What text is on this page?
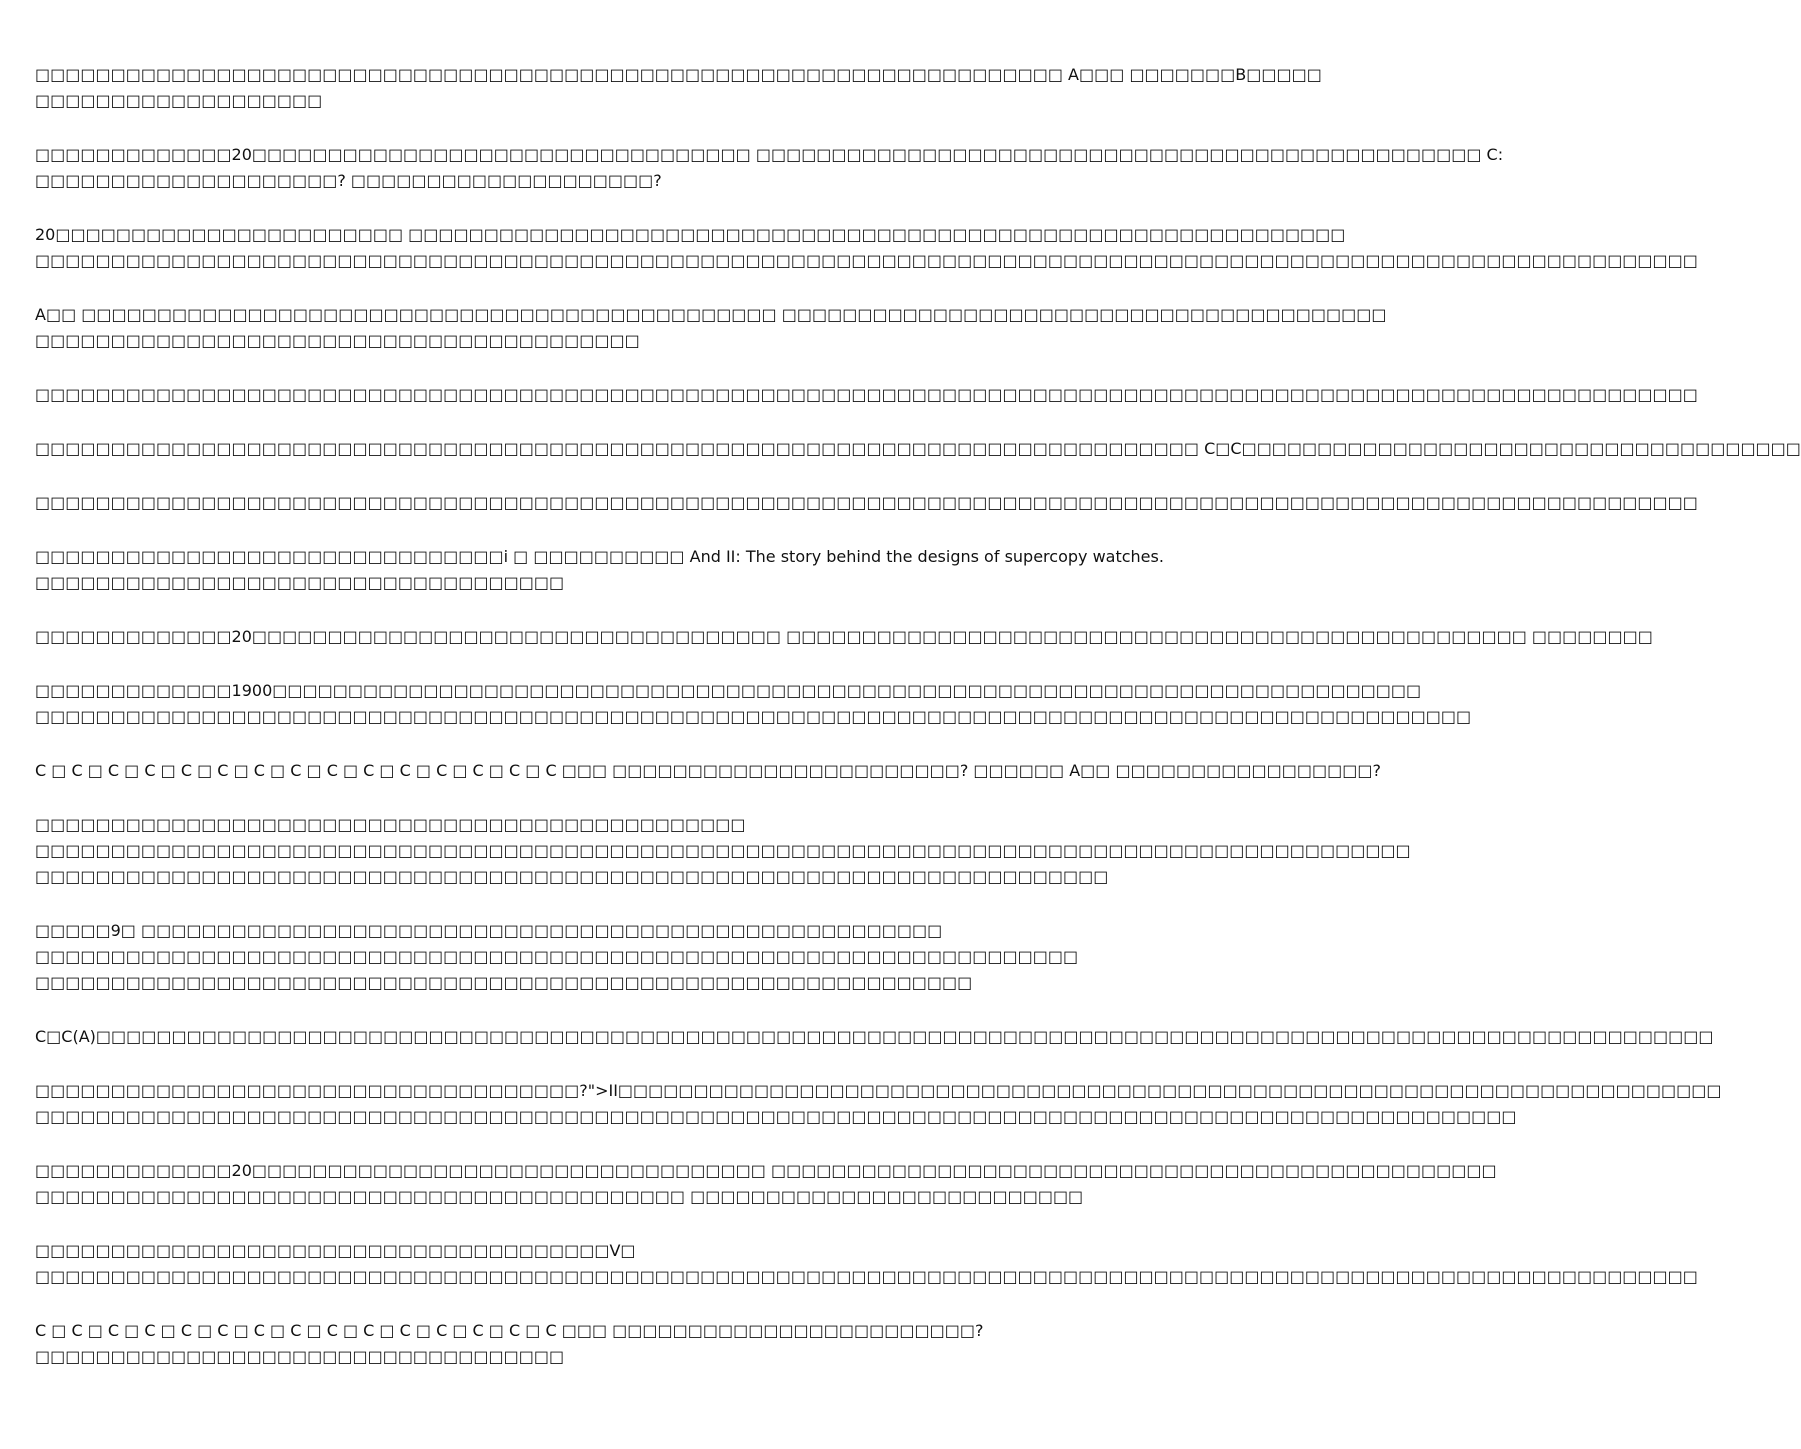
□□□□□□□□□□□□□□□□□□□□□□□□□□□□□□□□□□□□□□□□□□□□□□□□□□□□□□□□□□□□□□□□□□□□ A□□□ □□□□□□□B□□□□□
□□□□□□□□□□□□□□□□□□□
□□□□□□□□□□□□□20□□□□□□□□□□□□□□□□□□□□□□□□□□□□□□□□□ □□□□□□□□□□□□□□□□□□□□□□□□□□□□□□□□□□□□□□□□□□□□□□□□ C:
□□□□□□□□□□□□□□□□□□□□? □□□□□□□□□□□□□□□□□□□□?
20□□□□□□□□□□□□□□□□□□□□□□□ □□□□□□□□□□□□□□□□□□□□□□□□□□□□□□□□□□□□□□□□□□□□□□□□□□□□□□□□□□□□□□
□□□□□□□□□□□□□□□□□□□□□□□□□□□□□□□□□□□□□□□□□□□□□□□□□□□□□□□□□□□□□□□□□□□□□□□□□□□□□□□□□□□□□□□□□□□□□□□□□□□□□□□□□□□□□□
A□□ □□□□□□□□□□□□□□□□□□□□□□□□□□□□□□□□□□□□□□□□□□□□□□ □□□□□□□□□□□□□□□□□□□□□□□□□□□□□□□□□□□□□□□□
□□□□□□□□□□□□□□□□□□□□□□□□□□□□□□□□□□□□□□□□
□□□□□□□□□□□□□□□□□□□□□□□□□□□□□□□□□□□□□□□□□□□□□□□□□□□□□□□□□□□□□□□□□□□□□□□□□□□□□□□□□□□□□□□□□□□□□□□□□□□□□□□□□□□□□□
□□□□□□□□□□□□□□□□□□□□□□□□□□□□□□□□□□□□□□□□□□□□□□□□□□□□□□□□□□□□□□□□□□□□□□□□□□□□□ C□C□□□□□□□□□□□□□□□□□□□□□□□□□□□□□□□□□□□□□
□□□□□□□□□□□□□□□□□□□□□□□□□□□□□□□□□□□□□□□□□□□□□□□□□□□□□□□□□□□□□□□□□□□□□□□□□□□□□□□□□□□□□□□□□□□□□□□□□□□□□□□□□□□□□□
□□□□□□□□□□□□□□□□□□□□□□□□□□□□□□□i □ □□□□□□□□□□ And II: The story behind the designs of supercopy watches.
□□□□□□□□□□□□□□□□□□□□□□□□□□□□□□□□□□□
□□□□□□□□□□□□□20□□□□□□□□□□□□□□□□□□□□□□□□□□□□□□□□□□□ □□□□□□□□□□□□□□□□□□□□□□□□□□□□□□□□□□□□□□□□□□□□□□□□□ □□□□□□□□
□□□□□□□□□□□□□1900□□□□□□□□□□□□□□□□□□□□□□□□□□□□□□□□□□□□□□□□□□□□□□□□□□□□□□□□□□□□□□□□□□□□□□□□□□□□
□□□□□□□□□□□□□□□□□□□□□□□□□□□□□□□□□□□□□□□□□□□□□□□□□□□□□□□□□□□□□□□□□□□□□□□□□□□□□□□□□□□□□□□□□□□□□□□
C □ C □ C □ C □ C □ C □ C □ C □ C □ C □ C □ C □ C □ C □ C □□□ □□□□□□□□□□□□□□□□□□□□□□□? □□□□□□ A□□ □□□□□□□□□□□□□□□□□?
□□□□□□□□□□□□□□□□□□□□□□□□□□□□□□□□□□□□□□□□□□□□□□□
□□□□□□□□□□□□□□□□□□□□□□□□□□□□□□□□□□□□□□□□□□□□□□□□□□□□□□□□□□□□□□□□□□□□□□□□□□□□□□□□□□□□□□□□□□□
□□□□□□□□□□□□□□□□□□□□□□□□□□□□□□□□□□□□□□□□□□□□□□□□□□□□□□□□□□□□□□□□□□□□□□□
□□□□□9□ □□□□□□□□□□□□□□□□□□□□□□□□□□□□□□□□□□□□□□□□□□□□□□□□□□□□□
□□□□□□□□□□□□□□□□□□□□□□□□□□□□□□□□□□□□□□□□□□□□□□□□□□□□□□□□□□□□□□□□□□□□□
□□□□□□□□□□□□□□□□□□□□□□□□□□□□□□□□□□□□□□□□□□□□□□□□□□□□□□□□□□□□□□
C□C(A)□□□□□□□□□□□□□□□□□□□□□□□□□□□□□□□□□□□□□□□□□□□□□□□□□□□□□□□□□□□□□□□□□□□□□□□□□□□□□□□□□□□□□□□□□□□□□□□□□□□□□□□□□□□
□□□□□□□□□□□□□□□□□□□□□□□□□□□□□□□□□□□□?">II□□□□□□□□□□□□□□□□□□□□□□□□□□□□□□□□□□□□□□□□□□□□□□□□□□□□□□□□□□□□□□□□□□□□□□□□□
□□□□□□□□□□□□□□□□□□□□□□□□□□□□□□□□□□□□□□□□□□□□□□□□□□□□□□□□□□□□□□□□□□□□□□□□□□□□□□□□□□□□□□□□□□□□□□□□□□
□□□□□□□□□□□□□20□□□□□□□□□□□□□□□□□□□□□□□□□□□□□□□□□□ □□□□□□□□□□□□□□□□□□□□□□□□□□□□□□□□□□□□□□□□□□□□□□□□
□□□□□□□□□□□□□□□□□□□□□□□□□□□□□□□□□□□□□□□□□□□ □□□□□□□□□□□□□□□□□□□□□□□□□□
□□□□□□□□□□□□□□□□□□□□□□□□□□□□□□□□□□□□□□V□
□□□□□□□□□□□□□□□□□□□□□□□□□□□□□□□□□□□□□□□□□□□□□□□□□□□□□□□□□□□□□□□□□□□□□□□□□□□□□□□□□□□□□□□□□□□□□□□□□□□□□□□□□□□□□□
C □ C □ C □ C □ C □ C □ C □ C □ C □ C □ C □ C □ C □ C □ C □□□ □□□□□□□□□□□□□□□□□□□□□□□□?
□□□□□□□□□□□□□□□□□□□□□□□□□□□□□□□□□□□
